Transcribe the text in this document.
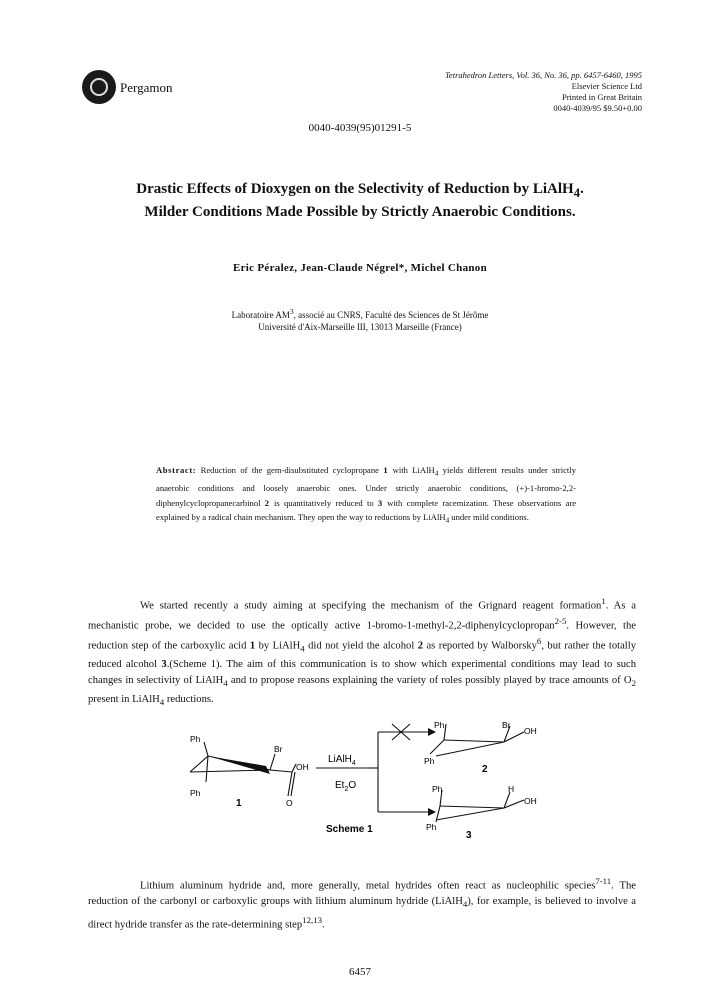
Pergamon
Tetrahedron Letters, Vol. 36, No. 36, pp. 6457-6460, 1995
Elsevier Science Ltd
Printed in Great Britain
0040-4039/95 $9.50+0.00
0040-4039(95)01291-5
Drastic Effects of Dioxygen on the Selectivity of Reduction by LiAlH$_4$.
Milder Conditions Made Possible by Strictly Anaerobic Conditions.
Eric Péralez, Jean-Claude Négrel*, Michel Chanon
Laboratoire $AM^3$, associé au CNRS, Faculté des Sciences de St Jérôme
Université d'Aix-Marseille III, 13013 Marseille (France)
Abstract: Reduction of the gem-disubstituted cyclopropane 1 with LiAlH$_4$ yields different results under strictly anaerobic conditions and loosely anaerobic ones. Under strictly anaerobic conditions, (+)-1-bromo-2,2-diphenylcyclopropanecarbinol 2 is quantitatively reduced to 3 with complete racemization. These observations are explained by a radical chain mechanism. They open the way to reductions by LiAlH$_4$ under mild conditions.

We started recently a study aiming at specifying the mechanism of the Grignard reagent formation$^1$. As a mechanistic probe, we decided to use the optically active 1-bromo-1-methyl-2,2-diphenylcyclopropan$^{2-5}$. However, the reduction step of the carboxylic acid 1 by LiAlH$_4$ did not yield the alcohol 2 as reported by Walborsky$^6$, but rather the totally reduced alcohol 3.(Scheme 1). The aim of this communication is to show which experimental conditions may lead to such changes in selectivity of LiAlH$_4$ and to propose reasons explaining the variety of roles possibly played by trace amounts of $O_2$ present in LiAlH$_4$ reductions.

Ph
Ph
Br
OH
O
Ph
Ph
Br
OH
Ph
Ph
H
OH
LiAlH$_4$
$Et_2O$
1
2
3
Scheme 1

Lithium aluminum hydride and, more generally, metal hydrides often react as nucleophilic species$^{7-11}$. The reduction of the carbonyl or carboxylic groups with lithium aluminum hydride (LiAlH$_4$), for example, is believed to involve a direct hydride transfer as the rate-determining step$^{12,13}$.

6457
